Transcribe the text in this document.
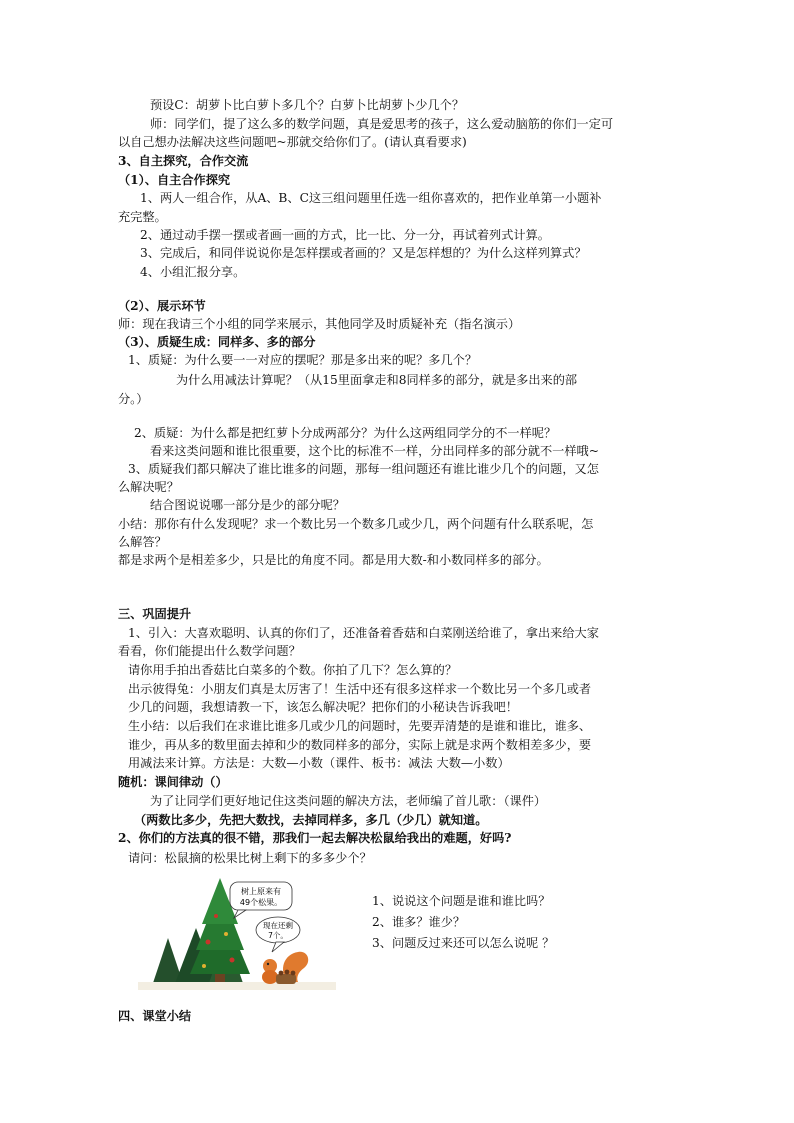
预设C：胡萝卜比白萝卜多几个？白萝卜比胡萝卜少几个？
师：同学们，提了这么多的数学问题，真是爱思考的孩子，这么爱动脑筋的你们一定可
以自己想办法解决这些问题吧~那就交给你们了。(请认真看要求)
3、自主探究，合作交流
（1）、自主合作探究
1、两人一组合作，从A、B、C这三组问题里任选一组你喜欢的，把作业单第一小题补
充完整。
2、通过动手摆一摆或者画一画的方式，比一比、分一分，再试着列式计算。
3、完成后，和同伴说说你是怎样摆或者画的？又是怎样想的？为什么这样列算式？
4、小组汇报分享。
（2）、展示环节
师：现在我请三个小组的同学来展示，其他同学及时质疑补充（指名演示）
（3）、质疑生成：同样多、多的部分
1、质疑：为什么要一一对应的摆呢？那是多出来的呢？多几个？
为什么用减法计算呢？（从15里面拿走和8同样多的部分，就是多出来的部
分。）
2、质疑：为什么都是把红萝卜分成两部分？为什么这两组同学分的不一样呢？
看来这类问题和谁比很重要，这个比的标准不一样，分出同样多的部分就不一样哦~
3、质疑我们都只解决了谁比谁多的问题，那每一组问题还有谁比谁少几个的问题，又怎
么解决呢？
结合图说说哪一部分是少的部分呢？
小结：那你有什么发现呢？求一个数比另一个数多几或少几，两个问题有什么联系呢，怎
么解答？
都是求两个是相差多少，只是比的角度不同。都是用大数-和小数同样多的部分。
三、巩固提升
1、引入：大喜欢聪明、认真的你们了，还准备着香菇和白菜刚送给谁了，拿出来给大家
看看，你们能提出什么数学问题？
请你用手拍出香菇比白菜多的个数。你拍了几下？怎么算的？
出示彼得兔：小朋友们真是太厉害了！生活中还有很多这样求一个数比另一个多几或者
少几的问题，我想请教一下，该怎么解决呢？把你们的小秘诀告诉我吧！
生小结：以后我们在求谁比谁多几或少几的问题时，先要弄清楚的是谁和谁比，谁多、
谁少，再从多的数里面去掉和少的数同样多的部分，实际上就是求两个数相差多少，要
用减法来计算。方法是：大数—小数（课件、板书：减法 大数—小数）
随机：课间律动（）
为了让同学们更好地记住这类问题的解决方法，老师编了首儿歌：（课件）
（两数比多少，先把大数找，去掉同样多，多几（少几）就知道。
2、你们的方法真的很不错，那我们一起去解决松鼠给我出的难题，好吗?
请问：松鼠摘的松果比树上剩下的多多少个？
树上原来有
49个松果。
现在还剩
7个。
1、说说这个问题是谁和谁比吗？
2、谁多？谁少？
3、问题反过来还可以怎么说呢 ？
四、课堂小结
